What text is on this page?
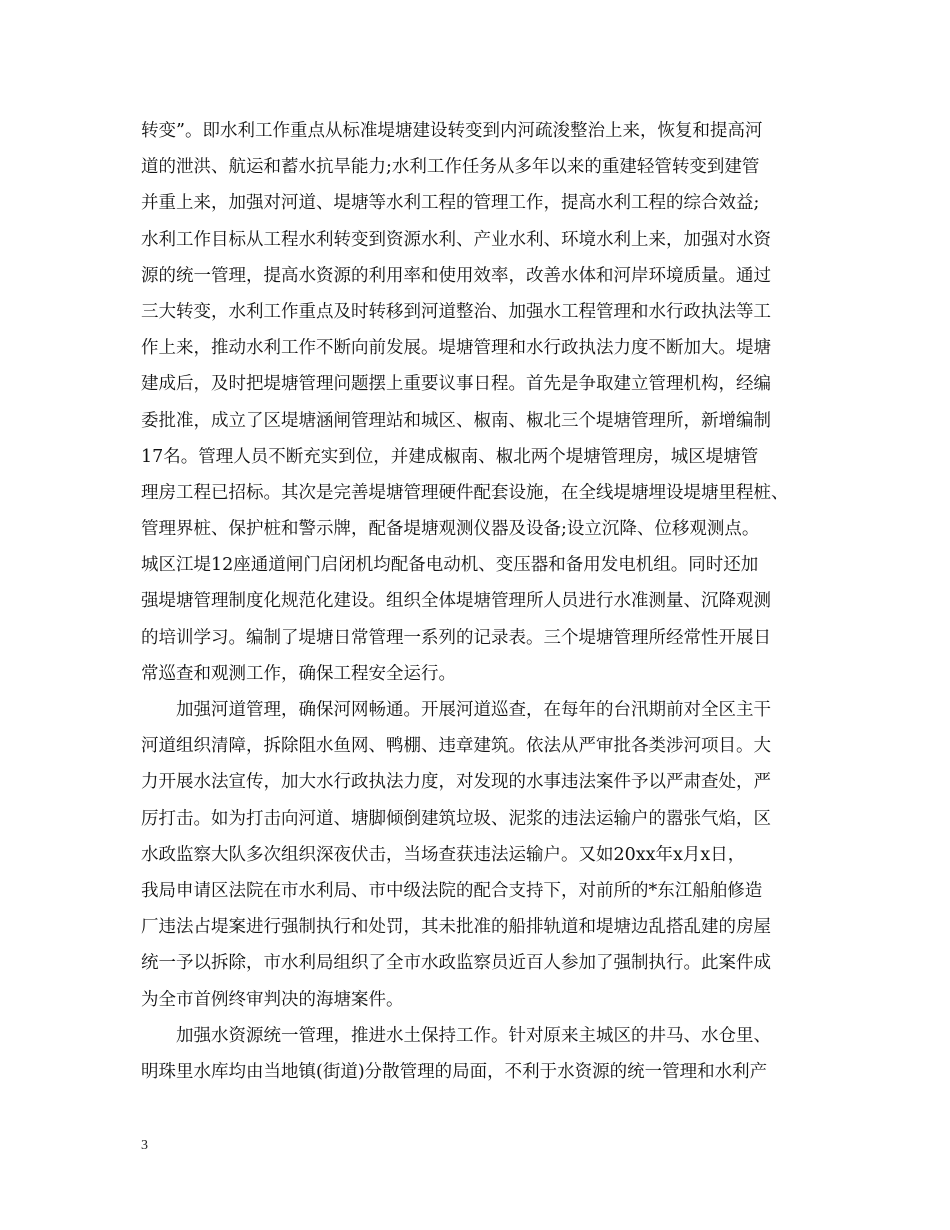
转变”。即水利工作重点从标准堤塘建设转变到内河疏浚整治上来，恢复和提高河
道的泄洪、航运和蓄水抗旱能力;水利工作任务从多年以来的重建轻管转变到建管
并重上来，加强对河道、堤塘等水利工程的管理工作，提高水利工程的综合效益;
水利工作目标从工程水利转变到资源水利、产业水利、环境水利上来，加强对水资
源的统一管理，提高水资源的利用率和使用效率，改善水体和河岸环境质量。通过
三大转变，水利工作重点及时转移到河道整治、加强水工程管理和水行政执法等工
作上来，推动水利工作不断向前发展。堤塘管理和水行政执法力度不断加大。堤塘
建成后，及时把堤塘管理问题摆上重要议事日程。首先是争取建立管理机构，经编
委批准，成立了区堤塘涵闸管理站和城区、椒南、椒北三个堤塘管理所，新增编制
17名。管理人员不断充实到位，并建成椒南、椒北两个堤塘管理房，城区堤塘管
理房工程已招标。其次是完善堤塘管理硬件配套设施，在全线堤塘埋设堤塘里程桩、
管理界桩、保护桩和警示牌，配备堤塘观测仪器及设备;设立沉降、位移观测点。
城区江堤12座通道闸门启闭机均配备电动机、变压器和备用发电机组。同时还加
强堤塘管理制度化规范化建设。组织全体堤塘管理所人员进行水准测量、沉降观测
的培训学习。编制了堤塘日常管理一系列的记录表。三个堤塘管理所经常性开展日
常巡查和观测工作，确保工程安全运行。
加强河道管理，确保河网畅通。开展河道巡查，在每年的台汛期前对全区主干
河道组织清障，拆除阻水鱼网、鸭棚、违章建筑。依法从严审批各类涉河项目。大
力开展水法宣传，加大水行政执法力度，对发现的水事违法案件予以严肃查处，严
厉打击。如为打击向河道、塘脚倾倒建筑垃圾、泥浆的违法运输户的嚣张气焰，区
水政监察大队多次组织深夜伏击，当场查获违法运输户。又如20xx年x月x日，
我局申请区法院在市水利局、市中级法院的配合支持下，对前所的*东江船舶修造
厂违法占堤案进行强制执行和处罚，其未批准的船排轨道和堤塘边乱搭乱建的房屋
统一予以拆除，市水利局组织了全市水政监察员近百人参加了强制执行。此案件成
为全市首例终审判决的海塘案件。
加强水资源统一管理，推进水土保持工作。针对原来主城区的井马、水仓里、
明珠里水库均由当地镇(街道)分散管理的局面，不利于水资源的统一管理和水利产
3
